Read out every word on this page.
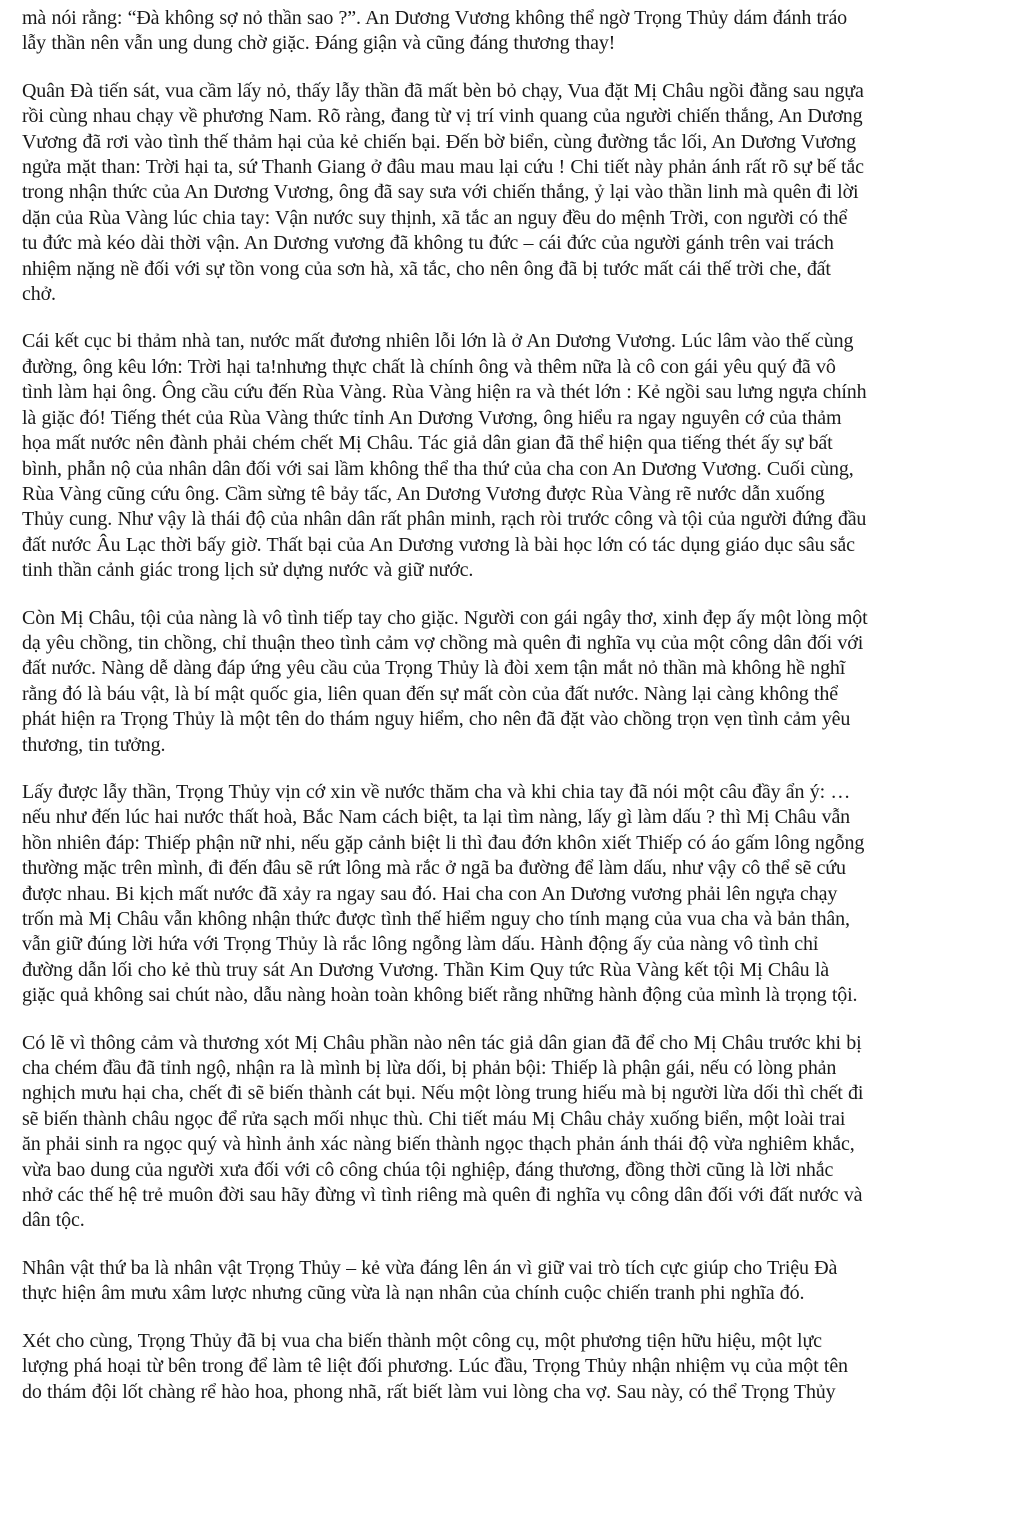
mà nói rằng: “Đà không sợ nỏ thần sao ?”. An Dương Vương không thể ngờ Trọng Thủy dám đánh tráo
lẫy thần nên vẫn ung dung chờ giặc. Đáng giận và cũng đáng thương thay!
Quân Đà tiến sát, vua cầm lấy nỏ, thấy lẫy thần đã mất bèn bỏ chạy, Vua đặt Mị Châu ngồi đằng sau ngựa
rồi cùng nhau chạy về phương Nam. Rõ ràng, đang từ vị trí vinh quang của người chiến thắng, An Dương
Vương đã rơi vào tình thế thảm hại của kẻ chiến bại. Đến bờ biển, cùng đường tắc lối, An Dương Vương
ngửa mặt than: Trời hại ta, sứ Thanh Giang ở đâu mau mau lại cứu ! Chi tiết này phản ánh rất rõ sự bế tắc
trong nhận thức của An Dương Vương, ông đã say sưa với chiến thắng, ỷ lại vào thần linh mà quên đi lời
dặn của Rùa Vàng lúc chia tay: Vận nước suy thịnh, xã tắc an nguy đều do mệnh Trời, con người có thể
tu đức mà kéo dài thời vận. An Dương vương đã không tu đức – cái đức của người gánh trên vai trách
nhiệm nặng nề đối với sự tồn vong của sơn hà, xã tắc, cho nên ông đã bị tước mất cái thế trời che, đất
chở.
Cái kết cục bi thảm nhà tan, nước mất đương nhiên lỗi lớn là ở An Dương Vương. Lúc lâm vào thế cùng
đường, ông kêu lớn: Trời hại ta!nhưng thực chất là chính ông và thêm nữa là cô con gái yêu quý đã vô
tình làm hại ông. Ông cầu cứu đến Rùa Vàng. Rùa Vàng hiện ra và thét lớn : Kẻ ngồi sau lưng ngựa chính
là giặc đó! Tiếng thét của Rùa Vàng thức tỉnh An Dương Vương, ông hiểu ra ngay nguyên cớ của thảm
họa mất nước nên đành phải chém chết Mị Châu. Tác giả dân gian đã thể hiện qua tiếng thét ấy sự bất
bình, phẫn nộ của nhân dân đối với sai lầm không thể tha thứ của cha con An Dương Vương. Cuối cùng,
Rùa Vàng cũng cứu ông. Cầm sừng tê bảy tấc, An Dương Vương được Rùa Vàng rẽ nước dẫn xuống
Thủy cung. Như vậy là thái độ của nhân dân rất phân minh, rạch ròi trước công và tội của người đứng đầu
đất nước Âu Lạc thời bấy giờ. Thất bại của An Dương vương là bài học lớn có tác dụng giáo dục sâu sắc
tinh thần cảnh giác trong lịch sử dựng nước và giữ nước.
Còn Mị Châu, tội của nàng là vô tình tiếp tay cho giặc. Người con gái ngây thơ, xinh đẹp ấy một lòng một
dạ yêu chồng, tin chồng, chỉ thuận theo tình cảm vợ chồng mà quên đi nghĩa vụ của một công dân đối với
đất nước. Nàng dễ dàng đáp ứng yêu cầu của Trọng Thủy là đòi xem tận mắt nỏ thần mà không hề nghĩ
rằng đó là báu vật, là bí mật quốc gia, liên quan đến sự mất còn của đất nước. Nàng lại càng không thể
phát hiện ra Trọng Thủy là một tên do thám nguy hiểm, cho nên đã đặt vào chồng trọn vẹn tình cảm yêu
thương, tin tưởng.
Lấy được lẫy thần, Trọng Thủy vịn cớ xin về nước thăm cha và khi chia tay đã nói một câu đầy ẩn ý: …
nếu như đến lúc hai nước thất hoà, Bắc Nam cách biệt, ta lại tìm nàng, lấy gì làm dấu ? thì Mị Châu vẫn
hồn nhiên đáp: Thiếp phận nữ nhi, nếu gặp cảnh biệt li thì đau đớn khôn xiết Thiếp có áo gấm lông ngỗng
thường mặc trên mình, đi đến đâu sẽ rứt lông mà rắc ở ngã ba đường để làm dấu, như vậy cô thể sẽ cứu
được nhau. Bi kịch mất nước đã xảy ra ngay sau đó. Hai cha con An Dương vương phải lên ngựa chạy
trốn mà Mị Châu vẫn không nhận thức được tình thế hiểm nguy cho tính mạng của vua cha và bản thân,
vẫn giữ đúng lời hứa với Trọng Thủy là rắc lông ngỗng làm dấu. Hành động ấy của nàng vô tình chỉ
đường dẫn lối cho kẻ thù truy sát An Dương Vương. Thần Kim Quy tức Rùa Vàng kết tội Mị Châu là
giặc quả không sai chút nào, dẫu nàng hoàn toàn không biết rằng những hành động của mình là trọng tội.
Có lẽ vì thông cảm và thương xót Mị Châu phần nào nên tác giả dân gian đã để cho Mị Châu trước khi bị
cha chém đầu đã tỉnh ngộ, nhận ra là mình bị lừa dối, bị phản bội: Thiếp là phận gái, nếu có lòng phản
nghịch mưu hại cha, chết đi sẽ biến thành cát bụi. Nếu một lòng trung hiếu mà bị người lừa dối thì chết đi
sẽ biến thành châu ngọc để rửa sạch mối nhục thù. Chi tiết máu Mị Châu chảy xuống biển, một loài trai
ăn phải sinh ra ngọc quý và hình ảnh xác nàng biến thành ngọc thạch phản ánh thái độ vừa nghiêm khắc,
vừa bao dung của người xưa đối với cô công chúa tội nghiệp, đáng thương, đồng thời cũng là lời nhắc
nhở các thế hệ trẻ muôn đời sau hãy đừng vì tình riêng mà quên đi nghĩa vụ công dân đối với đất nước và
dân tộc.
Nhân vật thứ ba là nhân vật Trọng Thủy – kẻ vừa đáng lên án vì giữ vai trò tích cực giúp cho Triệu Đà
thực hiện âm mưu xâm lược nhưng cũng vừa là nạn nhân của chính cuộc chiến tranh phi nghĩa đó.
Xét cho cùng, Trọng Thủy đã bị vua cha biến thành một công cụ, một phương tiện hữu hiệu, một lực
lượng phá hoại từ bên trong để làm tê liệt đối phương. Lúc đầu, Trọng Thủy nhận nhiệm vụ của một tên
do thám đội lốt chàng rể hào hoa, phong nhã, rất biết làm vui lòng cha vợ. Sau này, có thể Trọng Thủy
